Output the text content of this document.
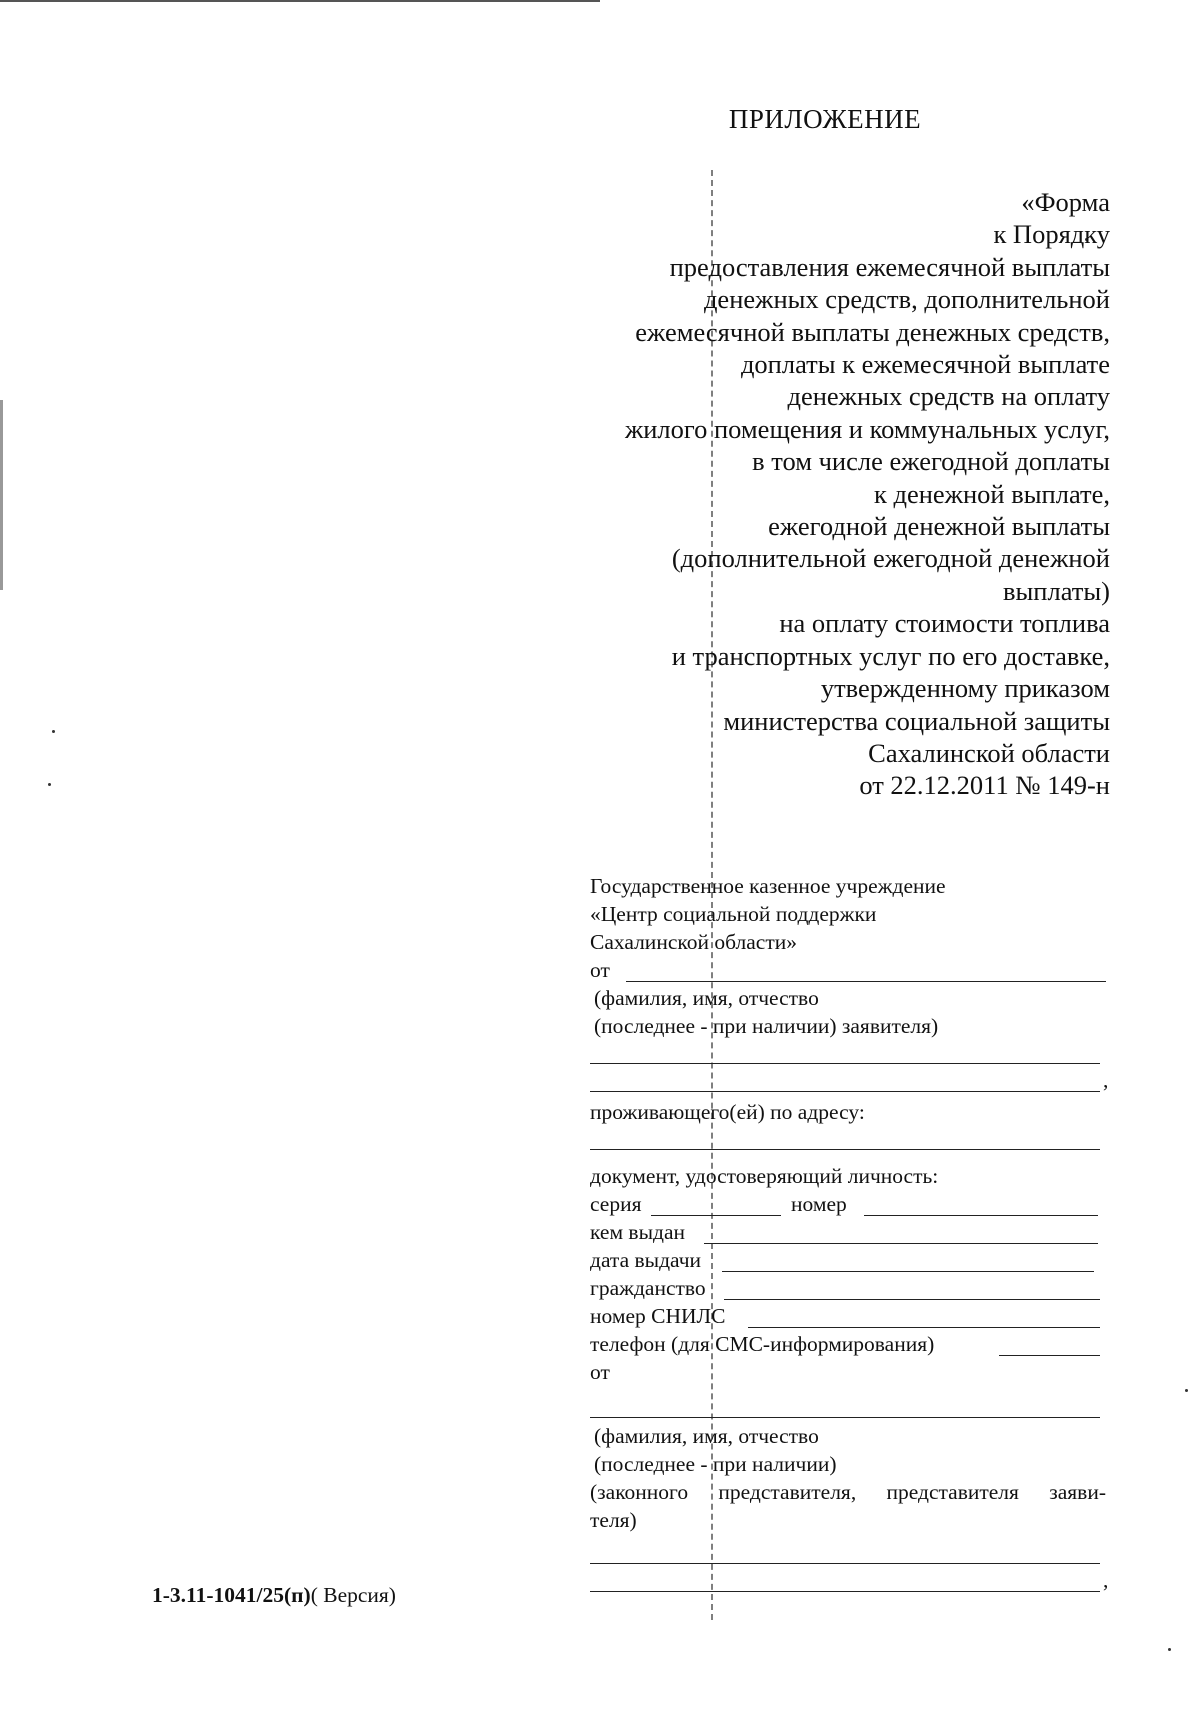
ПРИЛОЖЕНИЕ
«Форма
к Порядку
предоставления ежемесячной выплаты
денежных средств, дополнительной
ежемесячной выплаты денежных средств,
доплаты к ежемесячной выплате
денежных средств на оплату
жилого помещения и коммунальных услуг,
в том числе ежегодной доплаты
к денежной выплате,
ежегодной денежной выплаты
(дополнительной ежегодной денежной
выплаты)
на оплату стоимости топлива
и транспортных услуг по его доставке,
утвержденному приказом
министерства социальной защиты
Сахалинской области
от 22.12.2011 № 149-н
Государственное казенное учреждение
«Центр социальной поддержки
Сахалинской области»
от
(фамилия, имя, отчество
(последнее - при наличии) заявителя)
,
проживающего(ей) по адресу:
документ, удостоверяющий личность:
серия	номер
кем выдан
дата выдачи
гражданство
номер СНИЛС
телефон (для СМС-информирования)
от
(фамилия, имя, отчество
(последнее - при наличии)
(законного представителя, представителя заяви-
теля)
,
1-3.11-1041/25(п)( Версия)
